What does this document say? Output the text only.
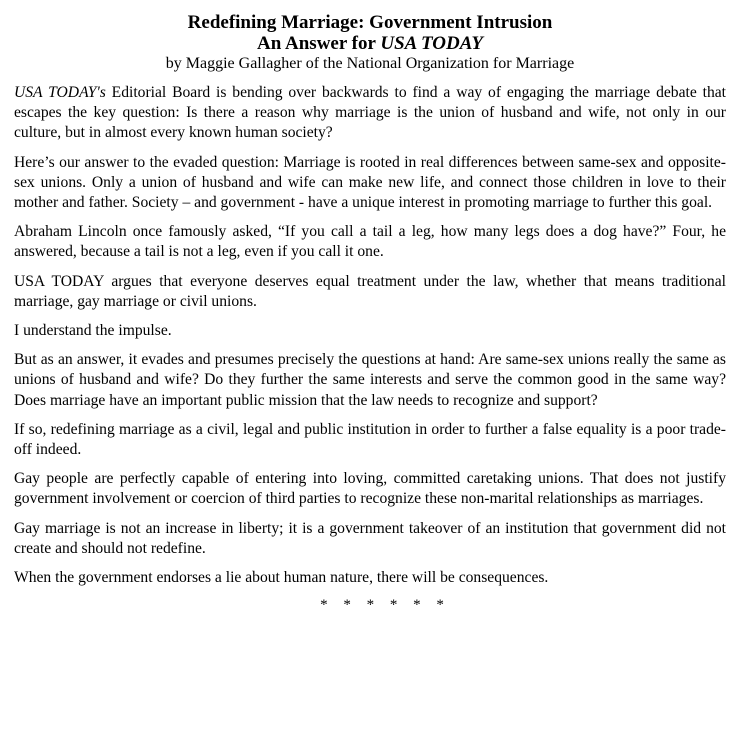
Redefining Marriage: Government Intrusion
An Answer for USA TODAY
by Maggie Gallagher of the National Organization for Marriage

USA TODAY's Editorial Board is bending over backwards to find a way of engaging the marriage debate that escapes the key question: Is there a reason why marriage is the union of husband and wife, not only in our culture, but in almost every known human society?

Here’s our answer to the evaded question: Marriage is rooted in real differences between same-sex and opposite-sex unions. Only a union of husband and wife can make new life, and connect those children in love to their mother and father. Society – and government - have a unique interest in promoting marriage to further this goal.

Abraham Lincoln once famously asked, “If you call a tail a leg, how many legs does a dog have?” Four, he answered, because a tail is not a leg, even if you call it one.

USA TODAY argues that everyone deserves equal treatment under the law, whether that means traditional marriage, gay marriage or civil unions.

I understand the impulse.

But as an answer, it evades and presumes precisely the questions at hand: Are same-sex unions really the same as unions of husband and wife? Do they further the same interests and serve the common good in the same way? Does marriage have an important public mission that the law needs to recognize and support?

If so, redefining marriage as a civil, legal and public institution in order to further a false equality is a poor trade-off indeed.

Gay people are perfectly capable of entering into loving, committed caretaking unions. That does not justify government involvement or coercion of third parties to recognize these non-marital relationships as marriages.

Gay marriage is not an increase in liberty; it is a government takeover of an institution that government did not create and should not redefine.

When the government endorses a lie about human nature, there will be consequences.

* * * * * *
